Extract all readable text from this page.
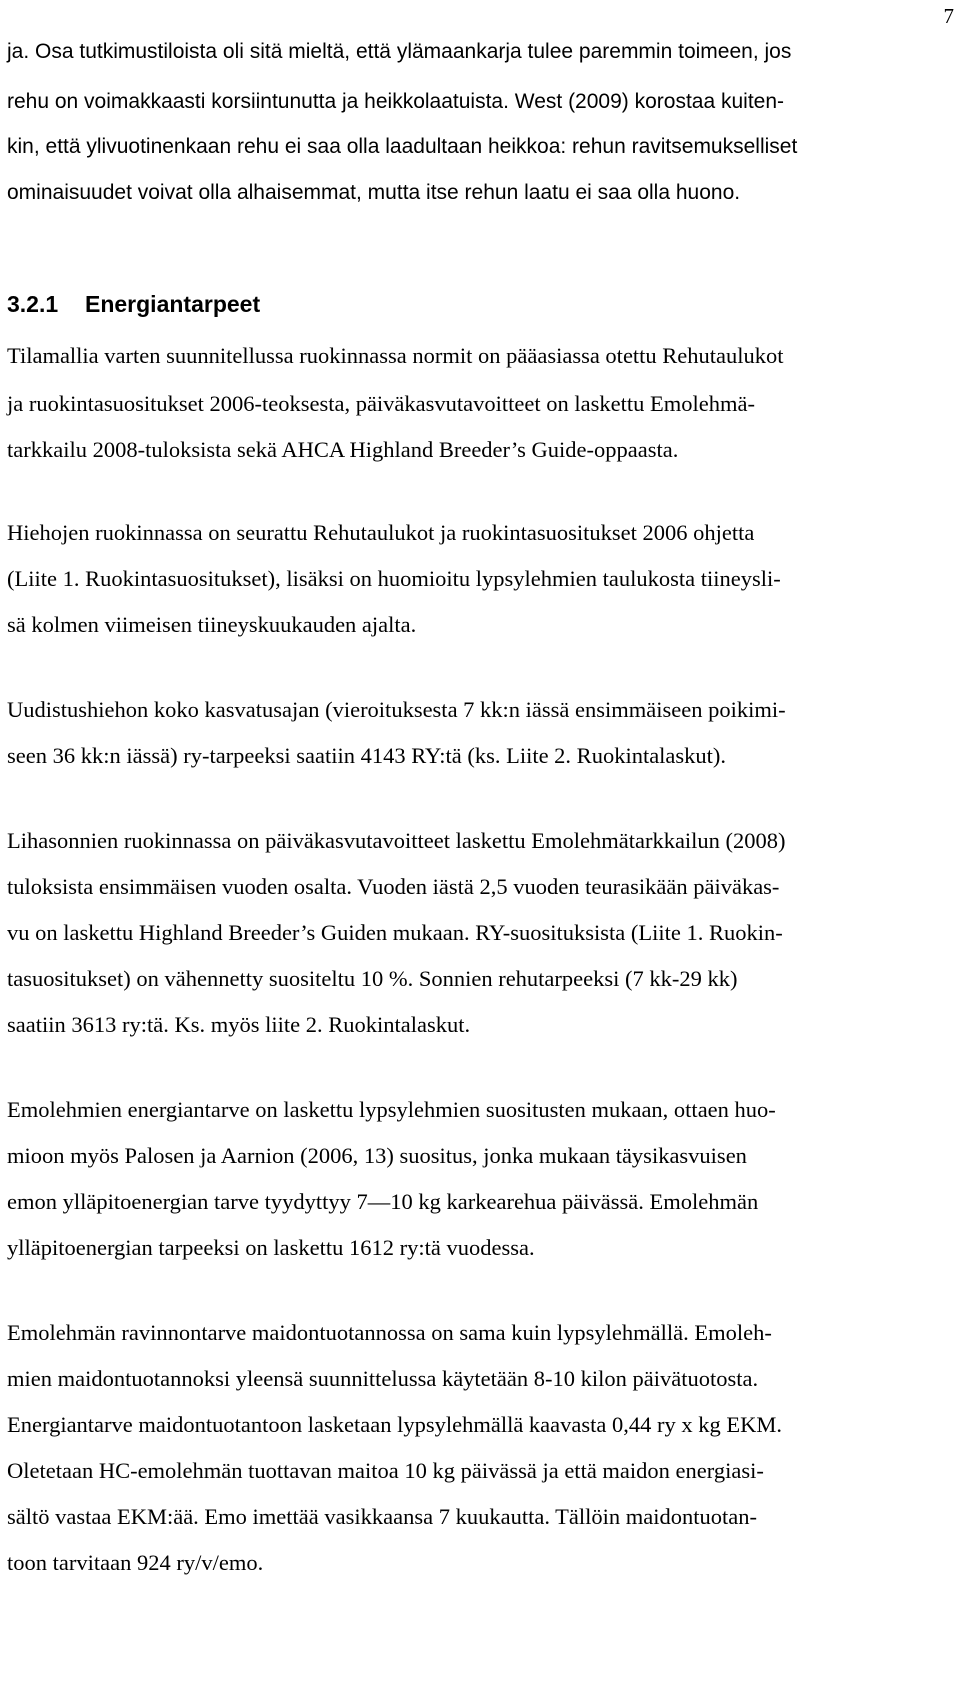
7
ja. Osa tutkimustiloista oli sitä mieltä, että ylämaankarja tulee paremmin toimeen, jos
rehu on voimakkaasti korsiintunutta ja heikkolaatuista. West (2009) korostaa kuiten-
kin, että ylivuotinenkaan rehu ei saa olla laadultaan heikkoa: rehun ravitsemukselliset
ominaisuudet voivat olla alhaisemmat, mutta itse rehun laatu ei saa olla huono.
3.2.1 Energiantarpeet
Tilamallia varten suunnitellussa ruokinnassa normit on pääasiassa otettu Rehutaulukot
ja ruokintasuositukset 2006-teoksesta, päiväkasvutavoitteet on laskettu Emolehmä-
tarkkailu 2008-tuloksista sekä AHCA Highland Breeder’s Guide-oppaasta.
Hiehojen ruokinnassa on seurattu Rehutaulukot ja ruokintasuositukset 2006 ohjetta
(Liite 1. Ruokintasuositukset), lisäksi on huomioitu lypsylehmien taulukosta tiineysli-
sä kolmen viimeisen tiineyskuukauden ajalta.
Uudistushiehon koko kasvatusajan (vieroituksesta 7 kk:n iässä ensimmäiseen poikimi-
seen 36 kk:n iässä) ry-tarpeeksi saatiin 4143 RY:tä (ks. Liite 2. Ruokintalaskut).
Lihasonnien ruokinnassa on päiväkasvutavoitteet laskettu Emolehmätarkkailun (2008)
tuloksista ensimmäisen vuoden osalta. Vuoden iästä 2,5 vuoden teurasikään päiväkas-
vu on laskettu Highland Breeder’s Guiden mukaan. RY-suosituksista (Liite 1. Ruokin-
tasuositukset) on vähennetty suositeltu 10 %. Sonnien rehutarpeeksi (7 kk-29 kk)
saatiin 3613 ry:tä. Ks. myös liite 2. Ruokintalaskut.
Emolehmien energiantarve on laskettu lypsylehmien suositusten mukaan, ottaen huo-
mioon myös Palosen ja Aarnion (2006, 13) suositus, jonka mukaan täysikasvuisen
emon ylläpitoenergian tarve tyydyttyy 7—10 kg karkearehua päivässä. Emolehmän
ylläpitoenergian tarpeeksi on laskettu 1612 ry:tä vuodessa.
Emolehmän ravinnontarve maidontuotannossa on sama kuin lypsylehmällä. Emoleh-
mien maidontuotannoksi yleensä suunnittelussa käytetään 8-10 kilon päivätuotosta.
Energiantarve maidontuotantoon lasketaan lypsylehmällä kaavasta 0,44 ry x kg EKM.
Oletetaan HC-emolehmän tuottavan maitoa 10 kg päivässä ja että maidon energiasi-
sältö vastaa EKM:ää. Emo imettää vasikkaansa 7 kuukautta. Tällöin maidontuotan-
toon tarvitaan 924 ry/v/emo.
